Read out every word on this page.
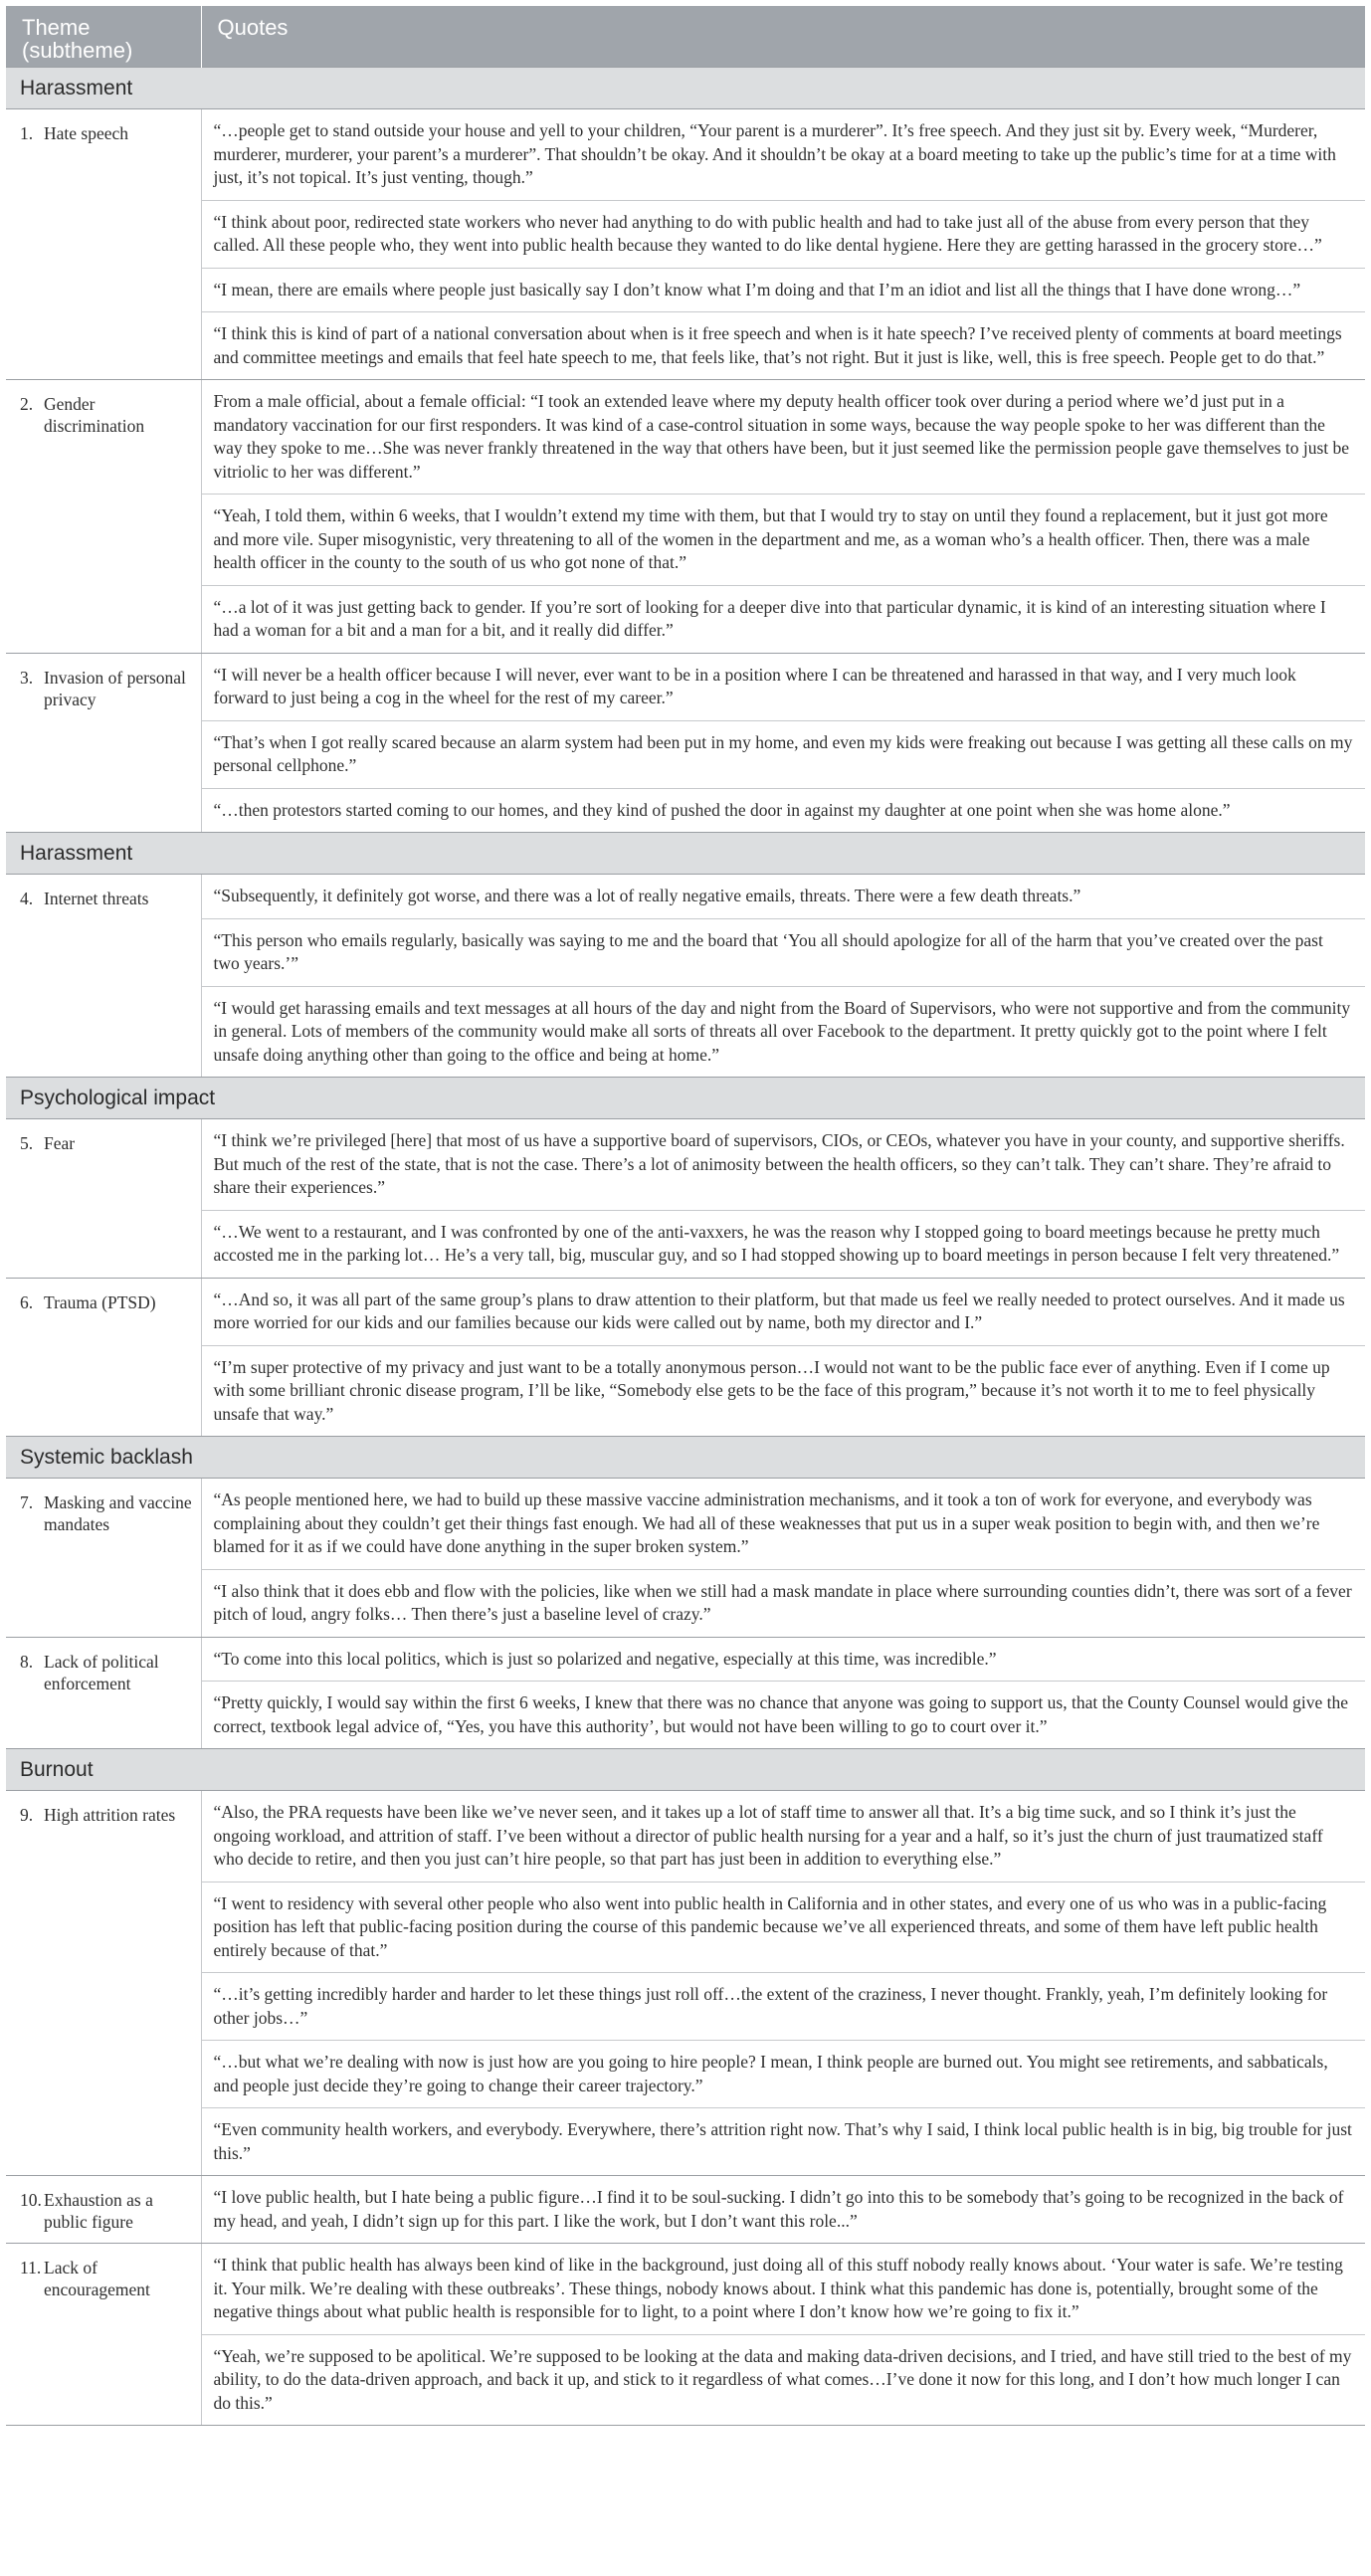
Theme (subtheme)	Quotes
Harassment	

1. Hate speech	“…people get to stand outside your house and yell to your children, “Your parent is a murderer”. It’s free speech. And they just sit by. Every week, “Murderer, murderer, murderer, your parent’s a murderer”. That shouldn’t be okay. And it shouldn’t be okay at a board meeting to take up the public’s time for at a time with just, it’s not topical. It’s just venting, though.”
	“I think about poor, redirected state workers who never had anything to do with public health and had to take just all of the abuse from every person that they called. All these people who, they went into public health because they wanted to do like dental hygiene. Here they are getting harassed in the grocery store…”
	“I mean, there are emails where people just basically say I don’t know what I’m doing and that I’m an idiot and list all the things that I have done wrong…”
	“I think this is kind of part of a national conversation about when is it free speech and when is it hate speech? I’ve received plenty of comments at board meetings and committee meetings and emails that feel hate speech to me, that feels like, that’s not right. But it just is like, well, this is free speech. People get to do that.”

2. Gender discrimination	From a male official, about a female official: “I took an extended leave where my deputy health officer took over during a period where we’d just put in a mandatory vaccination for our first responders. It was kind of a case-control situation in some ways, because the way people spoke to her was different than the way they spoke to me…She was never frankly threatened in the way that others have been, but it just seemed like the permission people gave themselves to just be vitriolic to her was different.”
	“Yeah, I told them, within 6 weeks, that I wouldn’t extend my time with them, but that I would try to stay on until they found a replacement, but it just got more and more vile. Super misogynistic, very threatening to all of the women in the department and me, as a woman who’s a health officer. Then, there was a male health officer in the county to the south of us who got none of that.”
	“…a lot of it was just getting back to gender. If you’re sort of looking for a deeper dive into that particular dynamic, it is kind of an interesting situation where I had a woman for a bit and a man for a bit, and it really did differ.”

3. Invasion of personal privacy	“I will never be a health officer because I will never, ever want to be in a position where I can be threatened and harassed in that way, and I very much look forward to just being a cog in the wheel for the rest of my career.”
	“That’s when I got really scared because an alarm system had been put in my home, and even my kids were freaking out because I was getting all these calls on my personal cellphone.”
	“…then protestors started coming to our homes, and they kind of pushed the door in against my daughter at one point when she was home alone.”
Harassment	

4. Internet threats	“Subsequently, it definitely got worse, and there was a lot of really negative emails, threats. There were a few death threats.”
	“This person who emails regularly, basically was saying to me and the board that ‘You all should apologize for all of the harm that you’ve created over the past two years.’”
	“I would get harassing emails and text messages at all hours of the day and night from the Board of Supervisors, who were not supportive and from the community in general. Lots of members of the community would make all sorts of threats all over Facebook to the department. It pretty quickly got to the point where I felt unsafe doing anything other than going to the office and being at home.”
Psychological impact	

5. Fear	“I think we’re privileged [here] that most of us have a supportive board of supervisors, CIOs, or CEOs, whatever you have in your county, and supportive sheriffs. But much of the rest of the state, that is not the case. There’s a lot of animosity between the health officers, so they can’t talk. They can’t share. They’re afraid to share their experiences.”
	“…We went to a restaurant, and I was confronted by one of the anti-vaxxers, he was the reason why I stopped going to board meetings because he pretty much accosted me in the parking lot… He’s a very tall, big, muscular guy, and so I had stopped showing up to board meetings in person because I felt very threatened.”

6. Trauma (PTSD)	“…And so, it was all part of the same group’s plans to draw attention to their platform, but that made us feel we really needed to protect ourselves. And it made us more worried for our kids and our families because our kids were called out by name, both my director and I.”
	“I’m super protective of my privacy and just want to be a totally anonymous person…I would not want to be the public face ever of anything. Even if I come up with some brilliant chronic disease program, I’ll be like, “Somebody else gets to be the face of this program,” because it’s not worth it to me to feel physically unsafe that way.”
Systemic backlash	

7. Masking and vaccine mandates	“As people mentioned here, we had to build up these massive vaccine administration mechanisms, and it took a ton of work for everyone, and everybody was complaining about they couldn’t get their things fast enough. We had all of these weaknesses that put us in a super weak position to begin with, and then we’re blamed for it as if we could have done anything in the super broken system.”
	“I also think that it does ebb and flow with the policies, like when we still had a mask mandate in place where surrounding counties didn’t, there was sort of a fever pitch of loud, angry folks… Then there’s just a baseline level of crazy.”

8. Lack of political enforcement	“To come into this local politics, which is just so polarized and negative, especially at this time, was incredible.”
	“Pretty quickly, I would say within the first 6 weeks, I knew that there was no chance that anyone was going to support us, that the County Counsel would give the correct, textbook legal advice of, “Yes, you have this authority’, but would not have been willing to go to court over it.”
Burnout	

9. High attrition rates	“Also, the PRA requests have been like we’ve never seen, and it takes up a lot of staff time to answer all that. It’s a big time suck, and so I think it’s just the ongoing workload, and attrition of staff. I’ve been without a director of public health nursing for a year and a half, so it’s just the churn of just traumatized staff who decide to retire, and then you just can’t hire people, so that part has just been in addition to everything else.”
	“I went to residency with several other people who also went into public health in California and in other states, and every one of us who was in a public-facing position has left that public-facing position during the course of this pandemic because we’ve all experienced threats, and some of them have left public health entirely because of that.”
	“…it’s getting incredibly harder and harder to let these things just roll off…the extent of the craziness, I never thought. Frankly, yeah, I’m definitely looking for other jobs…”
	“…but what we’re dealing with now is just how are you going to hire people? I mean, I think people are burned out. You might see retirements, and sabbaticals, and people just decide they’re going to change their career trajectory.”
	“Even community health workers, and everybody. Everywhere, there’s attrition right now. That’s why I said, I think local public health is in big, big trouble for just this.”

10. Exhaustion as a public figure	“I love public health, but I hate being a public figure…I find it to be soul-sucking. I didn’t go into this to be somebody that’s going to be recognized in the back of my head, and yeah, I didn’t sign up for this part. I like the work, but I don’t want this role...”

11. Lack of encouragement	“I think that public health has always been kind of like in the background, just doing all of this stuff nobody really knows about. ‘Your water is safe. We’re testing it. Your milk. We’re dealing with these outbreaks’. These things, nobody knows about. I think what this pandemic has done is, potentially, brought some of the negative things about what public health is responsible for to light, to a point where I don’t know how we’re going to fix it.”
	“Yeah, we’re supposed to be apolitical. We’re supposed to be looking at the data and making data-driven decisions, and I tried, and have still tried to the best of my ability, to do the data-driven approach, and back it up, and stick to it regardless of what comes…I’ve done it now for this long, and I don’t how much longer I can do this.”
